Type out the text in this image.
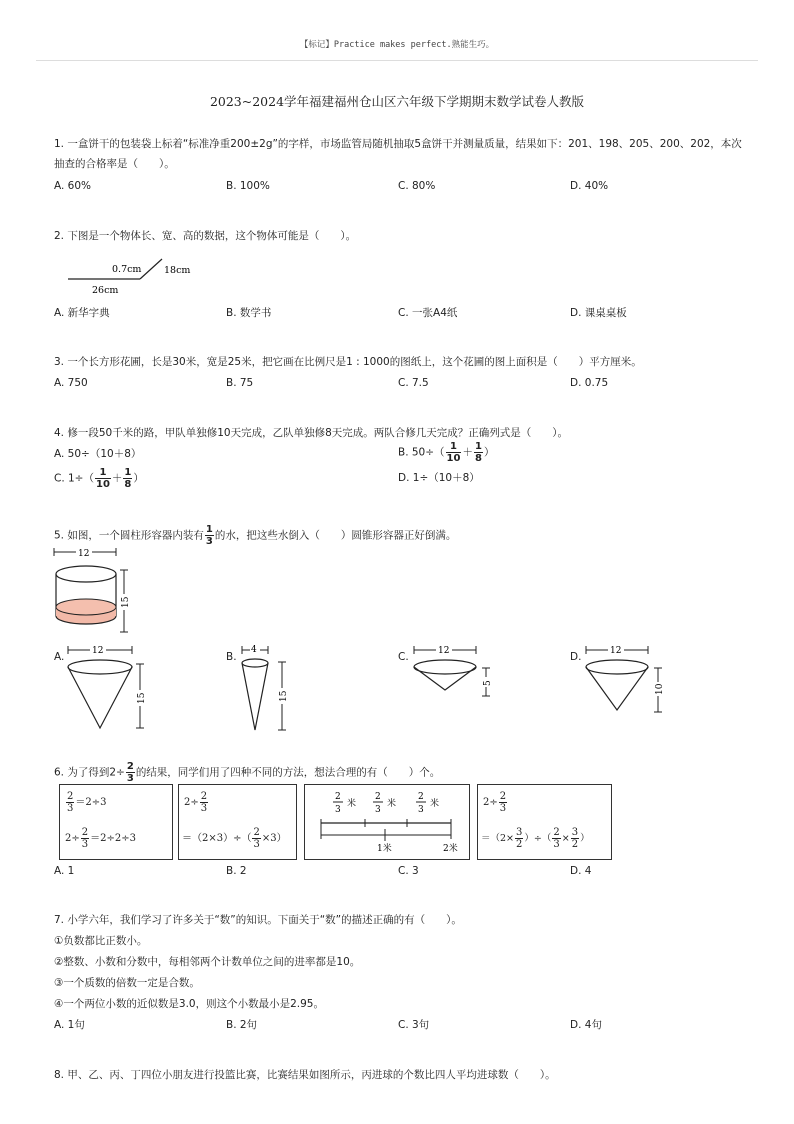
【标记】Practice makes perfect.熟能生巧。
2023~2024学年福建福州仓山区六年级下学期期末数学试卷人教版
1. 一盒饼干的包装袋上标着“标准净重200±2g”的字样，市场监管局随机抽取5盒饼干并测量质量，结果如下：201、198、205、200、202，本次
抽查的合格率是（　　）。
A. 60%	B. 100%	C. 80%	D. 40%
2. 下图是一个物体长、宽、高的数据，这个物体可能是（　　）。
0.7cm 18cm
26cm
A. 新华字典	B. 数学书	C. 一张A4纸	D. 课桌桌板
3. 一个长方形花圃，长是30米，宽是25米，把它画在比例尺是1 : 1000的图纸上，这个花圃的图上面积是（　　）平方厘米。
A. 750	B. 75	C. 7.5	D. 0.75
4. 修一段50千米的路，甲队单独修10天完成，乙队单独修8天完成。两队合修几天完成？正确列式是（　　）。
A. 50÷（10＋8）	B. $50\div( \frac{1}{10} + \frac{1}{8}$ ）
C. $1\div( \frac{1}{10} + \frac{1}{8}$ ）	D. 1÷（10＋8）
5. 如图，一个圆柱形容器内装有 $\frac{1}{3}$ 的水，把这些水倒入（　　）圆锥形容器正好倒满。
12
15
A.	12
15
B.
4
15
C.	12
5
D.	12
10
6. 为了得到$2\div \frac{2}{3}$ 的结果，同学们用了四种不同的方法，想法合理的有（　　）个。
$\frac{2}{3} =2\div 3$
$2\div \frac{2}{3} =2\div 2\div 3$
$2\div \frac{2}{3}$
$=(2\times 3)\div( \frac{2}{3} \times 3)$
2
3
米
2
3
米
2
3
米
1米	2米
$2\div \frac{2}{3}$
$=(2\times \frac{3}{2}$ ）÷（ $\frac{2}{3} \times \frac{3}{2}$ ）
A. 1	B. 2	C. 3	D. 4
7. 小学六年，我们学习了许多关于“数”的知识。下面关于“数”的描述正确的有（　　）。
①负数都比正数小。
②整数、小数和分数中，每相邻两个计数单位之间的进率都是10。
③一个质数的倍数一定是合数。
④一个两位小数的近似数是3.0，则这个小数最小是2.95。
A. 1句	B. 2句	C. 3句	D. 4句
8. 甲、乙、丙、丁四位小朋友进行投篮比赛，比赛结果如图所示，丙进球的个数比四人平均进球数（　　）。
